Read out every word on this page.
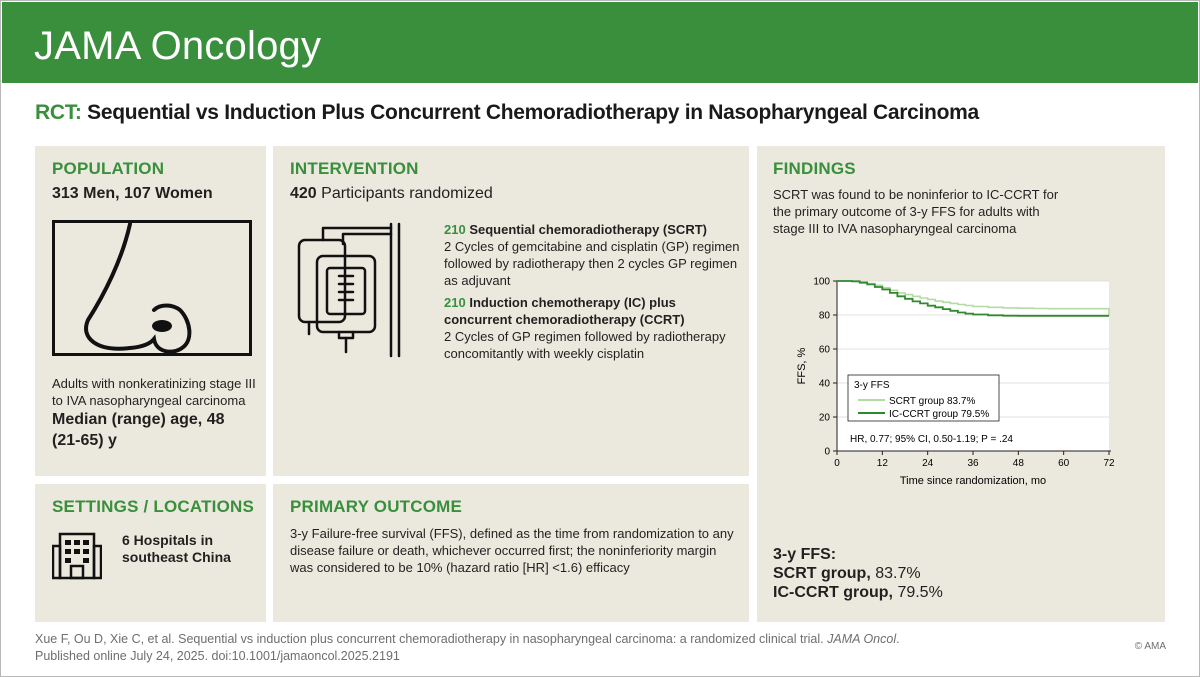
JAMA Oncology
RCT: Sequential vs Induction Plus Concurrent Chemoradiotherapy in Nasopharyngeal Carcinoma
POPULATION
313 Men, 107 Women
Adults with nonkeratinizing stage III to IVA nasopharyngeal carcinoma
Median (range) age, 48 (21-65) y
INTERVENTION
420 Participants randomized
210 Sequential chemoradiotherapy (SCRT)
2 Cycles of gemcitabine and cisplatin (GP) regimen followed by radiotherapy then 2 cycles GP regimen as adjuvant
210 Induction chemotherapy (IC) plus concurrent chemoradiotherapy (CCRT)
2 Cycles of GP regimen followed by radiotherapy concomitantly with weekly cisplatin
FINDINGS
SCRT was found to be noninferior to IC-CCRT for the primary outcome of 3-y FFS for adults with stage III to IVA nasopharyngeal carcinoma
0
20
40
60
80
100
0	12	24	36	48	60	72
FFS, %
Time since randomization, mo
3-y FFS
SCRT group 83.7%
IC-CCRT group 79.5%
HR, 0.77; 95% CI, 0.50-1.19; P = .24
3-y FFS:
SCRT group, 83.7%
IC-CCRT group, 79.5%
SETTINGS / LOCATIONS
6 Hospitals in southeast China
PRIMARY OUTCOME
3-y Failure-free survival (FFS), defined as the time from randomization to any disease failure or death, whichever occurred first; the noninferiority margin was considered to be 10% (hazard ratio [HR] <1.6) efficacy
Xue F, Ou D, Xie C, et al. Sequential vs induction plus concurrent chemoradiotherapy in nasopharyngeal carcinoma: a randomized clinical trial. JAMA Oncol.
Published online July 24, 2025. doi:10.1001/jamaoncol.2025.2191
© AMA
